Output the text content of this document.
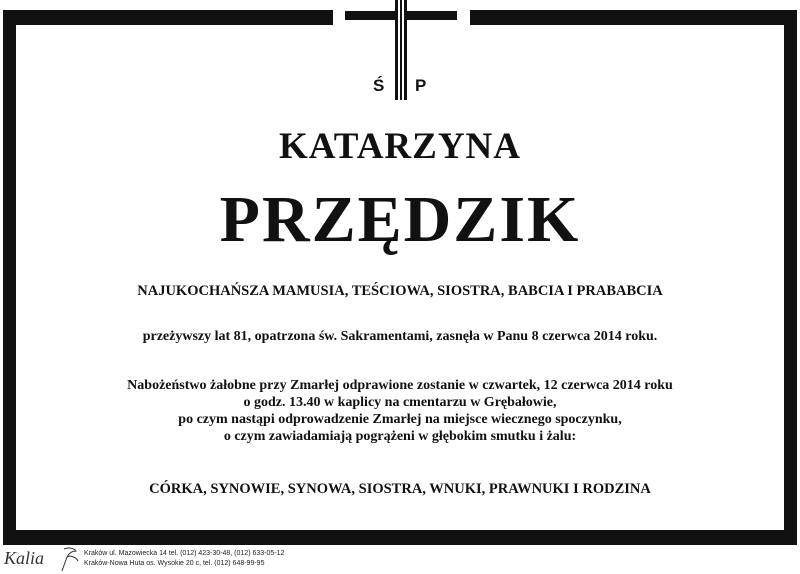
Ś P
KATARZYNA
PRZĘDZIK
NAJUKOCHAŃSZA MAMUSIA, TEŚCIOWA, SIOSTRA, BABCIA I PRABABCIA
przeżywszy lat 81, opatrzona św. Sakramentami, zasnęła w Panu 8 czerwca 2014 roku.
Nabożeństwo żałobne przy Zmarłej odprawione zostanie w czwartek, 12 czerwca 2014 roku
o godz. 13.40 w kaplicy na cmentarzu w Grębałowie,
po czym nastąpi odprowadzenie Zmarłej na miejsce wiecznego spoczynku,
o czym zawiadamiają pogrążeni w głębokim smutku i żalu:
CÓRKA, SYNOWIE, SYNOWA, SIOSTRA, WNUKI, PRAWNUKI I RODZINA
Kalia	Kraków ul. Mazowiecka 14 tel. (012) 423-30-48, (012) 633-05-12
Kraków-Nowa Huta os. Wysokie 20 c, tel. (012) 648-99-95
